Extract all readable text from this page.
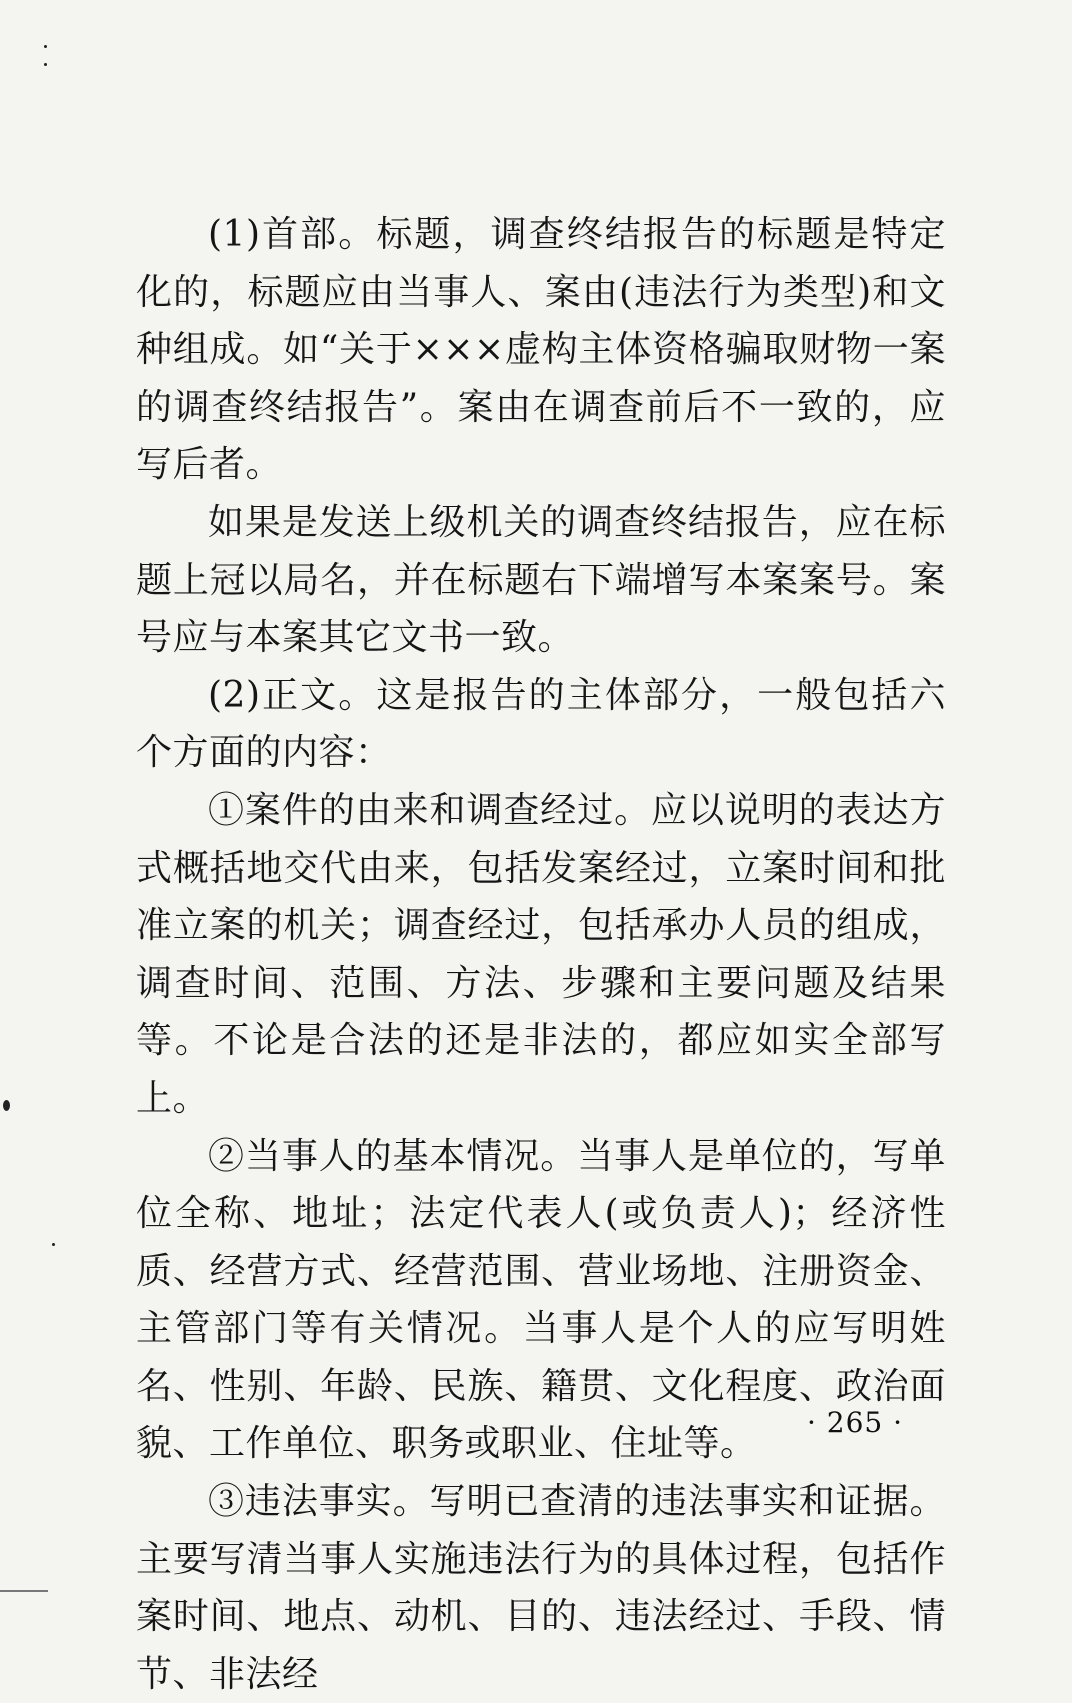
(1)首部。标题，调查终结报告的标题是特定化的，标题应由当事人、案由(违法行为类型)和文种组成。如“关于×××虚构主体资格骗取财物一案的调查终结报告”。案由在调查前后不一致的，应写后者。

如果是发送上级机关的调查终结报告，应在标题上冠以局名，并在标题右下端增写本案案号。案号应与本案其它文书一致。

(2)正文。这是报告的主体部分，一般包括六个方面的内容：

①案件的由来和调查经过。应以说明的表达方式概括地交代由来，包括发案经过，立案时间和批准立案的机关；调查经过，包括承办人员的组成，调查时间、范围、方法、步骤和主要问题及结果等。不论是合法的还是非法的，都应如实全部写上。

②当事人的基本情况。当事人是单位的，写单位全称、地址；法定代表人(或负责人)；经济性质、经营方式、经营范围、营业场地、注册资金、主管部门等有关情况。当事人是个人的应写明姓名、性别、年龄、民族、籍贯、文化程度、政治面貌、工作单位、职务或职业、住址等。

③违法事实。写明已查清的违法事实和证据。主要写清当事人实施违法行为的具体过程，包括作案时间、地点、动机、目的、违法经过、手段、情节、非法经

· 265 ·
